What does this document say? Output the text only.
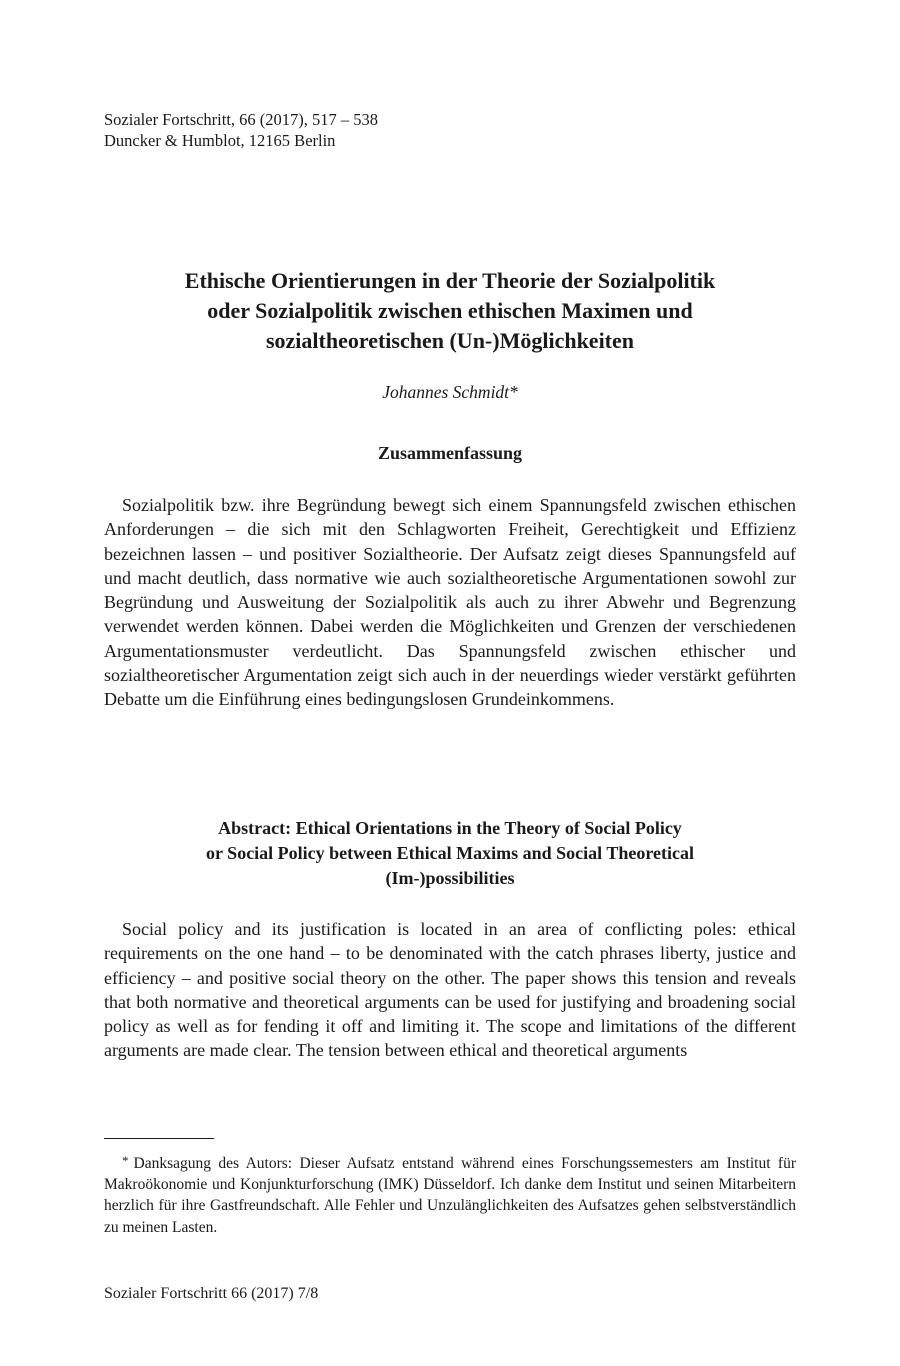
Sozialer Fortschritt, 66 (2017), 517 – 538
Duncker & Humblot, 12165 Berlin
Ethische Orientierungen in der Theorie der Sozialpolitik
oder Sozialpolitik zwischen ethischen Maximen und
sozialtheoretischen (Un-)Möglichkeiten
Johannes Schmidt*
Zusammenfassung

Sozialpolitik bzw. ihre Begründung bewegt sich einem Spannungsfeld zwischen ethischen Anforderungen – die sich mit den Schlagworten Freiheit, Gerechtigkeit und Effizienz bezeichnen lassen – und positiver Sozialtheorie. Der Aufsatz zeigt dieses Spannungsfeld auf und macht deutlich, dass normative wie auch sozialtheoretische Argumentationen sowohl zur Begründung und Ausweitung der Sozialpolitik als auch zu ihrer Abwehr und Begrenzung verwendet werden können. Dabei werden die Möglichkeiten und Grenzen der verschiedenen Argumentationsmuster verdeutlicht. Das Spannungsfeld zwischen ethischer und sozialtheoretischer Argumentation zeigt sich auch in der neuerdings wieder verstärkt geführten Debatte um die Einführung eines bedingungslosen Grundeinkommens.

Abstract: Ethical Orientations in the Theory of Social Policy
or Social Policy between Ethical Maxims and Social Theoretical
(Im-)possibilities

Social policy and its justification is located in an area of conflicting poles: ethical requirements on the one hand – to be denominated with the catch phrases liberty, justice and efficiency – and positive social theory on the other. The paper shows this tension and reveals that both normative and theoretical arguments can be used for justifying and broadening social policy as well as for fending it off and limiting it. The scope and limitations of the different arguments are made clear. The tension between ethical and theoretical arguments

* Danksagung des Autors: Dieser Aufsatz entstand während eines Forschungssemesters am Institut für Makroökonomie und Konjunkturforschung (IMK) Düsseldorf. Ich danke dem Institut und seinen Mitarbeitern herzlich für ihre Gastfreundschaft. Alle Fehler und Unzulänglichkeiten des Aufsatzes gehen selbstverständlich zu meinen Lasten.

Sozialer Fortschritt 66 (2017) 7/8
